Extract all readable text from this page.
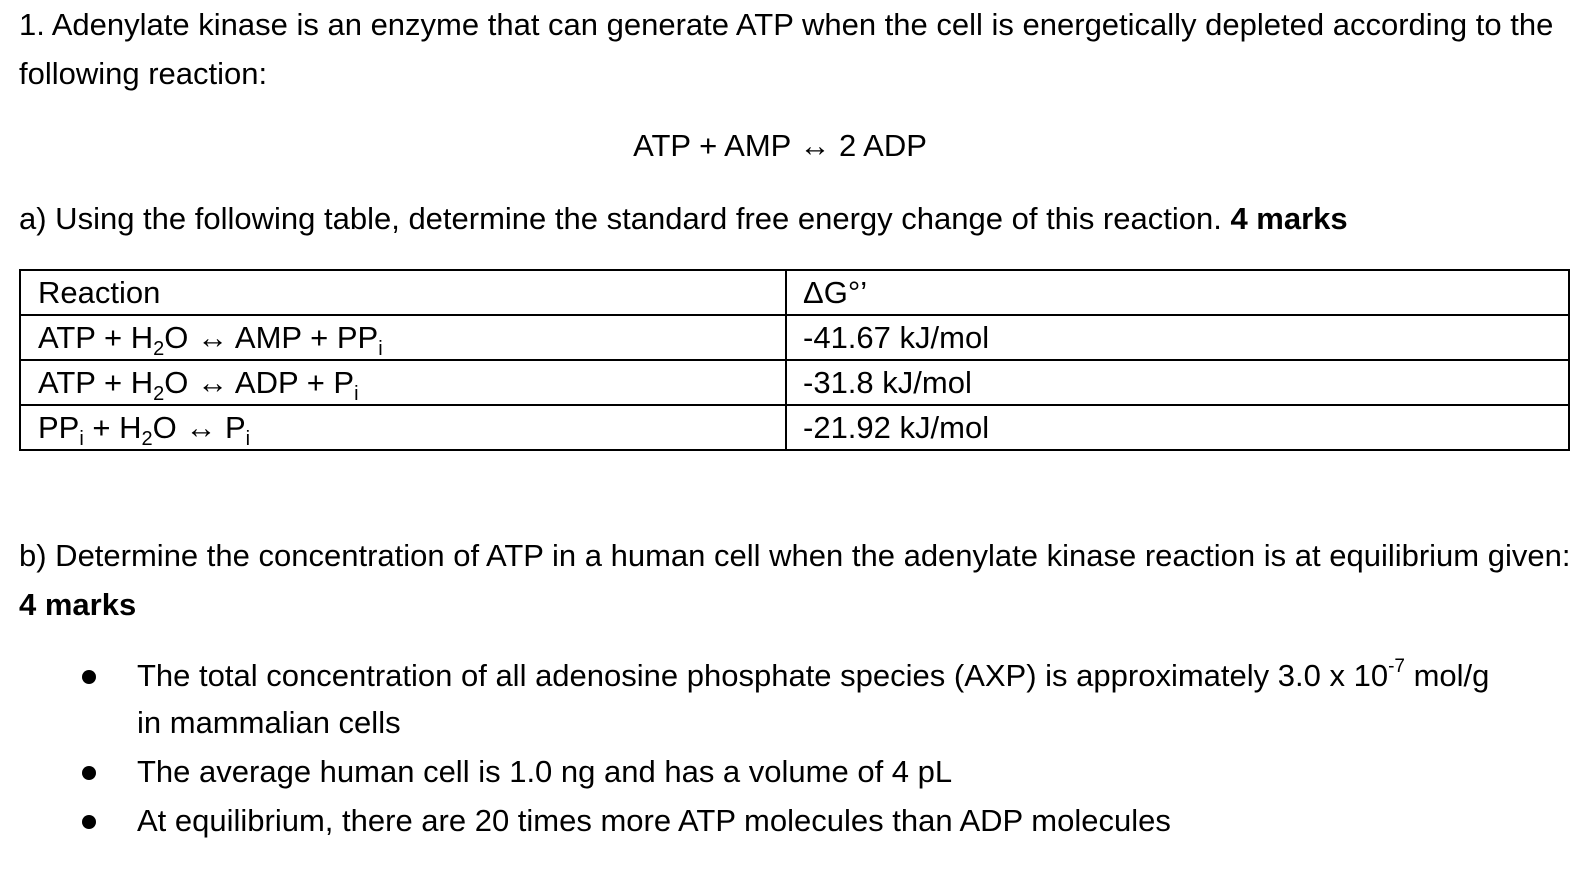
1. Adenylate kinase is an enzyme that can generate ATP when the cell is energetically depleted according to the following reaction:

ATP + AMP ↔ 2 ADP

a) Using the following table, determine the standard free energy change of this reaction. 4 marks

Reaction	ΔG°’
ATP + $H_2O$ ↔ AMP + $PP_i$	-41.67 kJ/mol
ATP + $H_2O$ ↔ ADP + $P_i$	-31.8 kJ/mol
$PP_i + H_2O$ ↔ $P_i$	-21.92 kJ/mol

b) Determine the concentration of ATP in a human cell when the adenylate kinase reaction is at equilibrium given: 4 marks

The total concentration of all adenosine phosphate species (AXP) is approximately 3.0 x $10^{-7}$ mol/g in mammalian cells
The average human cell is 1.0 ng and has a volume of 4 pL
At equilibrium, there are 20 times more ATP molecules than ADP molecules
